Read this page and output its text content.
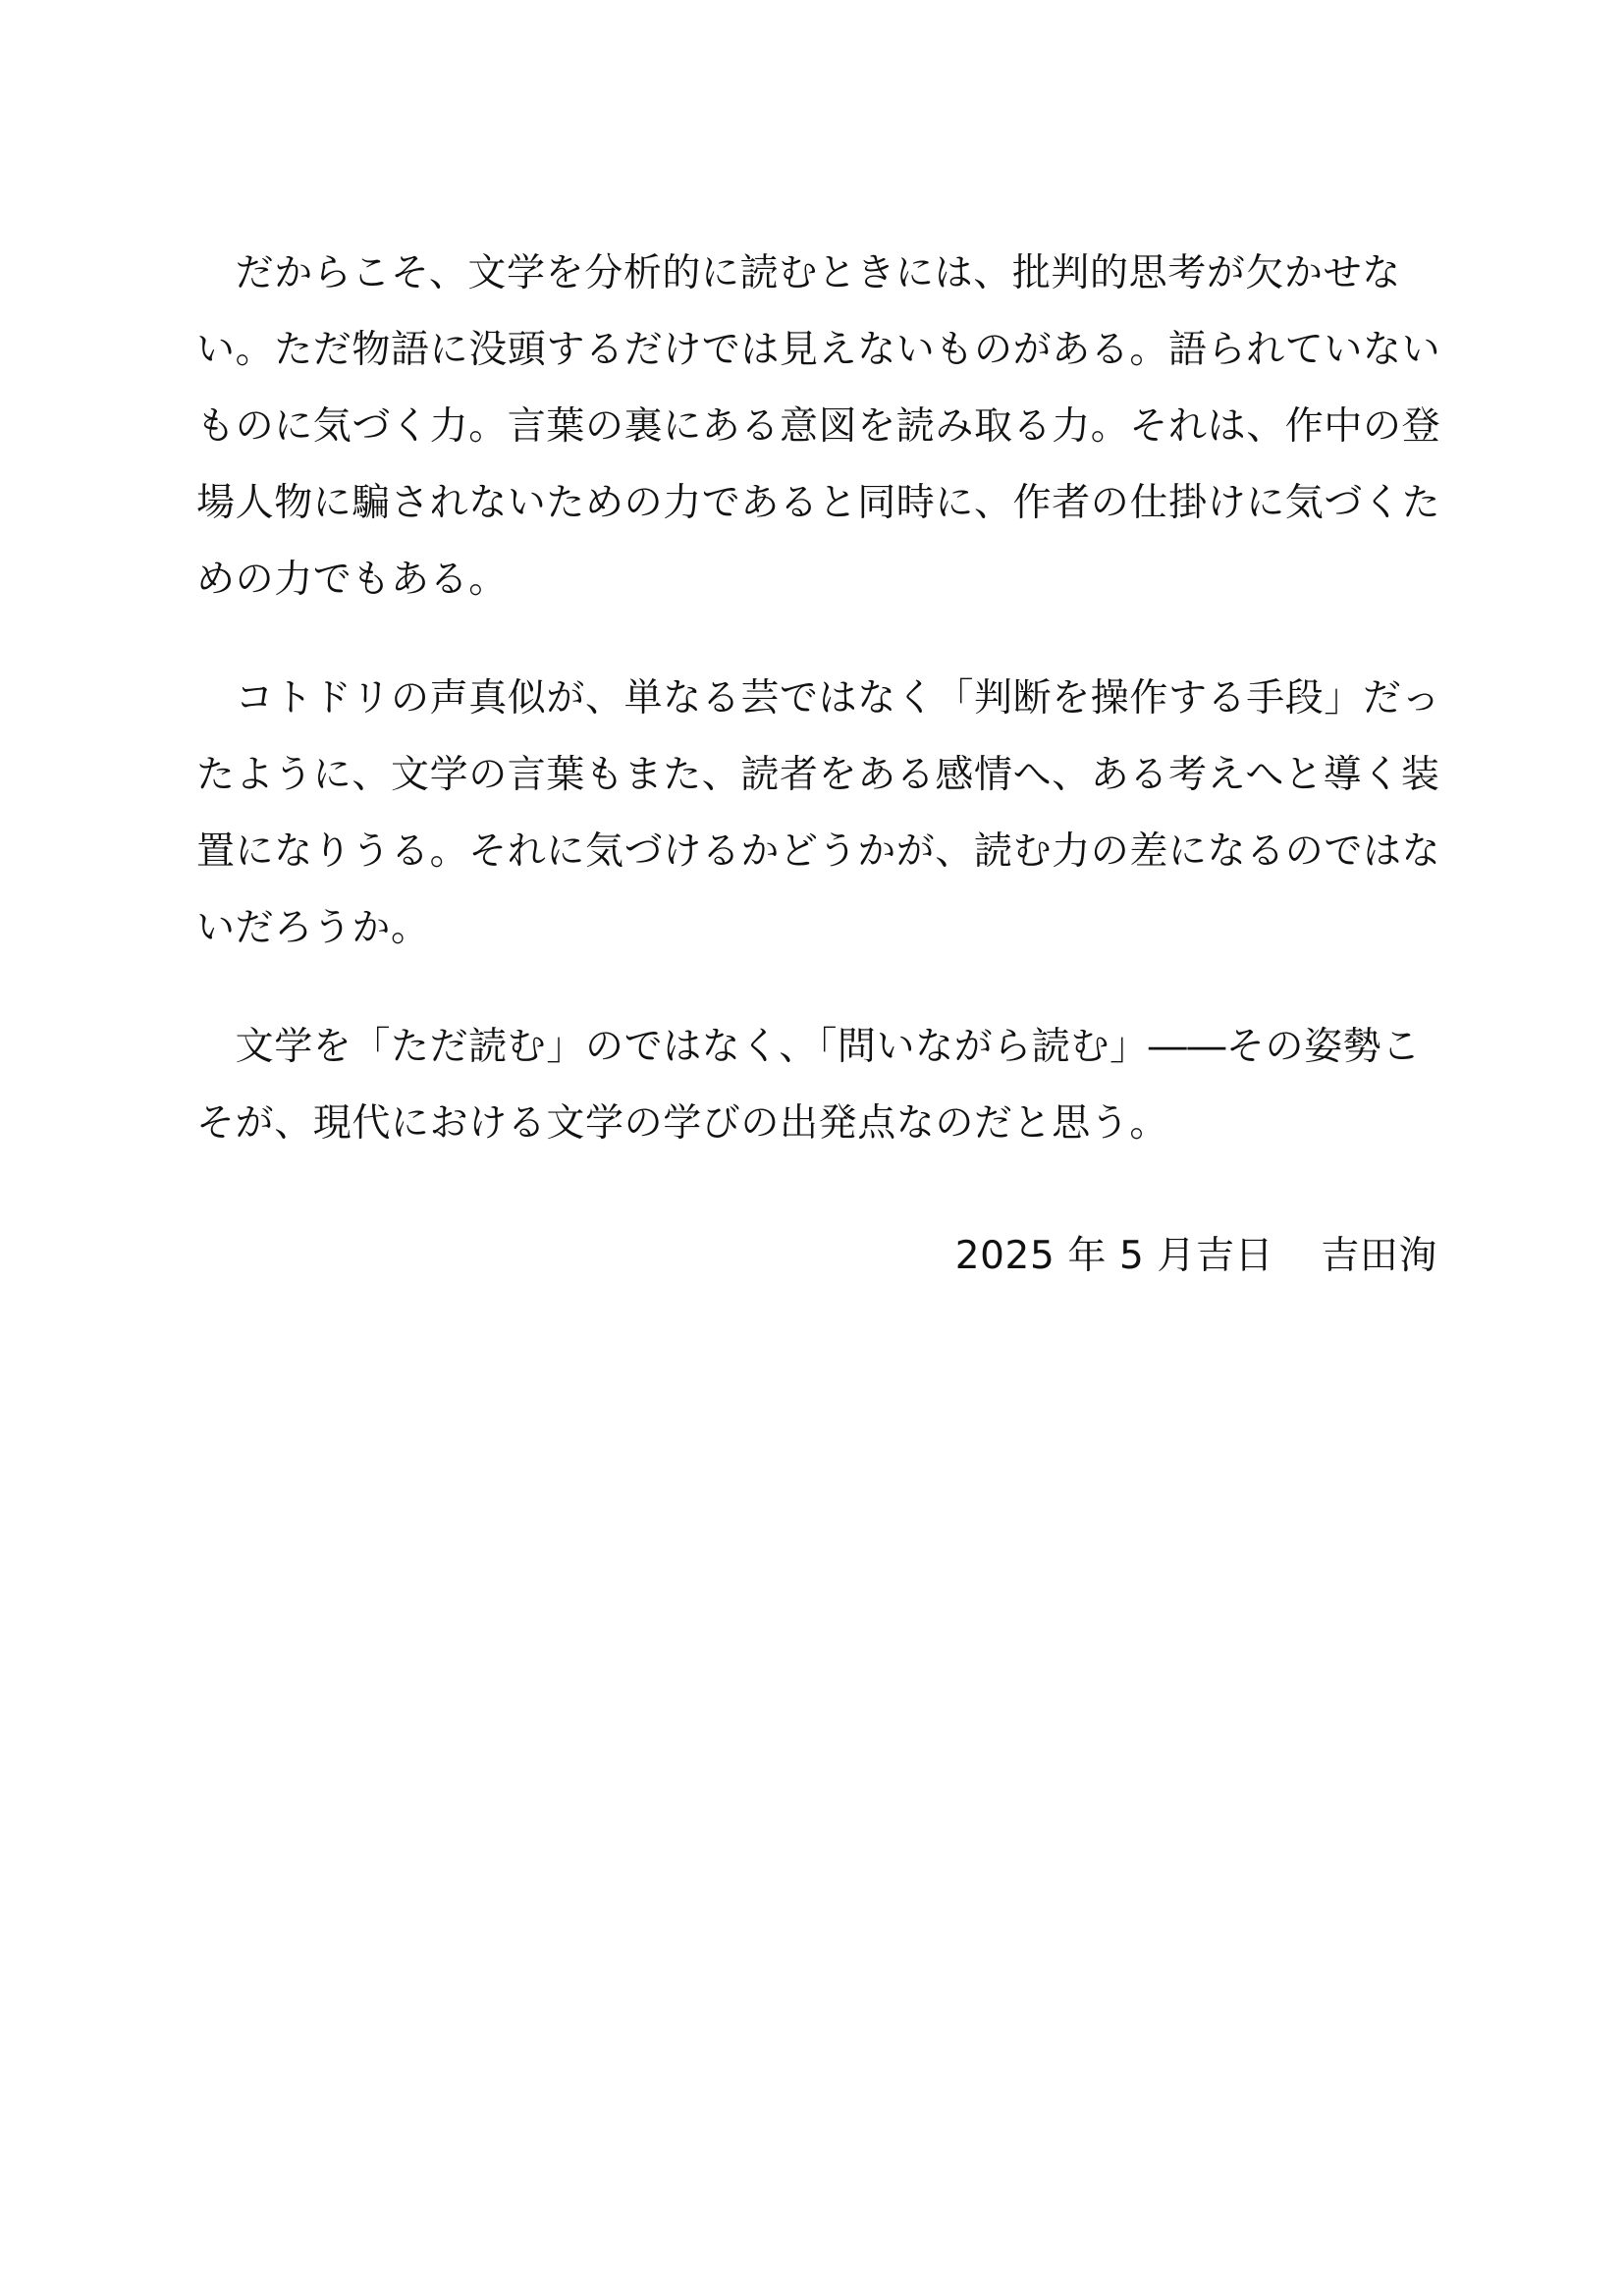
　だからこそ、文学を分析的に読むときには、批判的思考が欠かせな
い。ただ物語に没頭するだけでは見えないものがある。語られていない
ものに気づく力。言葉の裏にある意図を読み取る力。それは、作中の登
場人物に騙されないための力であると同時に、作者の仕掛けに気づくた
めの力でもある。
　コトドリの声真似が、単なる芸ではなく「判断を操作する手段」だっ
たように、文学の言葉もまた、読者をある感情へ、ある考えへと導く装
置になりうる。それに気づけるかどうかが、読む力の差になるのではな
いだろうか。
　文学を「ただ読む」のではなく、「問いながら読む」――その姿勢こ
そが、現代における文学の学びの出発点なのだと思う。
2025 年 5 月吉日 吉田洵
